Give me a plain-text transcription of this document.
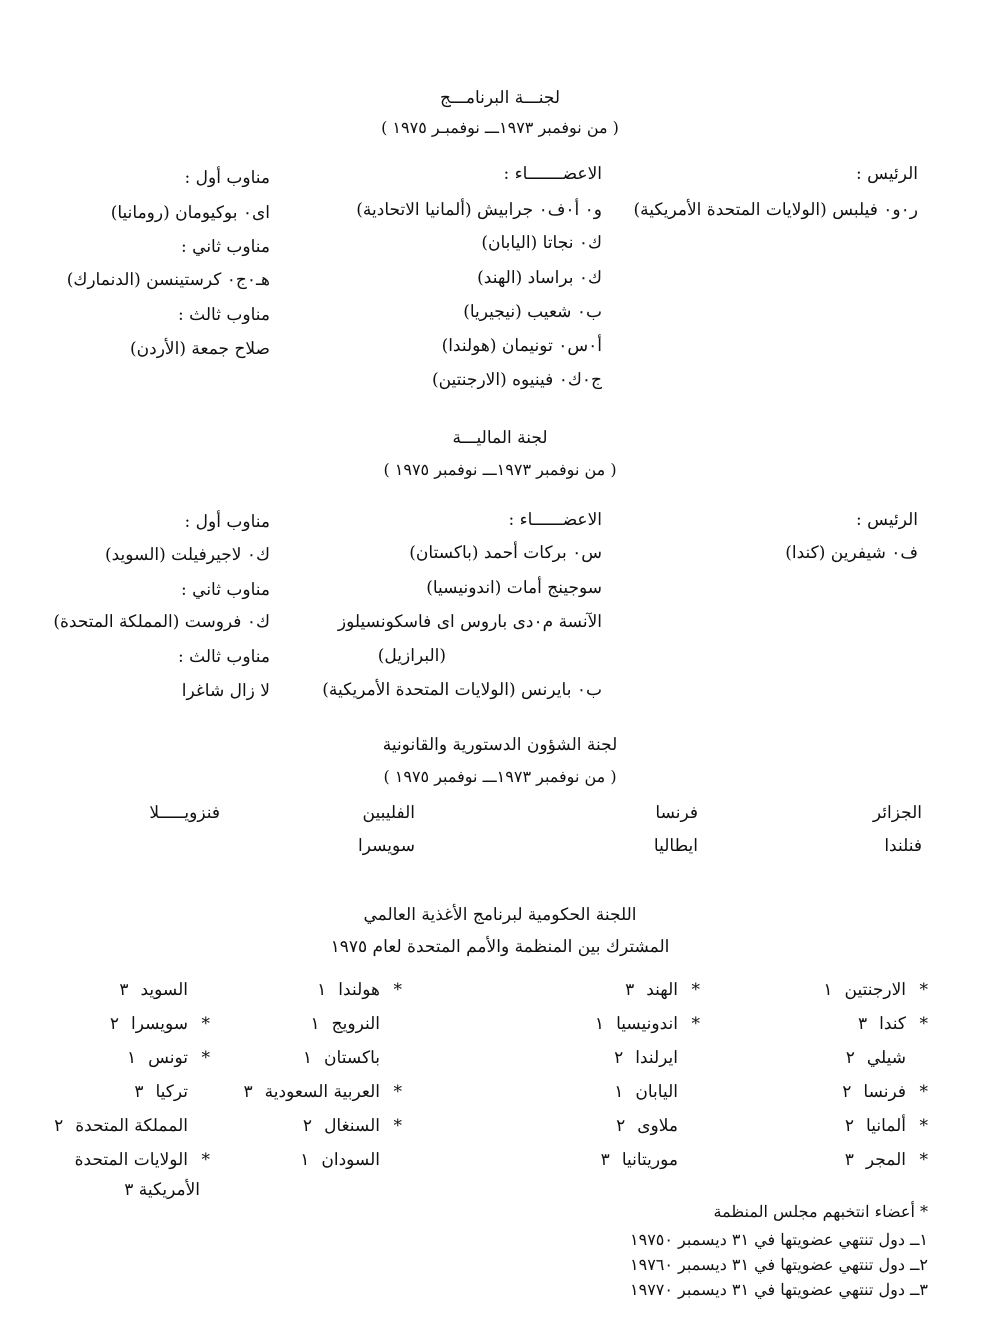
لجنـــة البرنامـــج
( من نوفمبر ١٩٧٣ـــ نوفمبـر ١٩٧٥ )
الرئيس :
ر٠و٠ فيلبس (الولايات المتحدة الأمريكية)
الاعضـــــــاء :
و٠ أ٠ف٠ جرابيش (ألمانيا الاتحادية)
ك٠ نجاتا (اليابان)
ك٠ براساد (الهند)
ب٠ شعيب (نيجيريا)
أ٠س٠ تونيمان (هولندا)
ج٠ك٠ فينيوه (الارجنتين)
مناوب أول :
ای٠ بوكيومان (رومانيا)
مناوب ثاني :
هـ٠ج٠ كرستينسن (الدنمارك)
مناوب ثالث :
صلاح جمعة (الأردن)
لجنة الماليـــة
( من نوفمبر ١٩٧٣ـــ نوفمبر ١٩٧٥ )
الرئيس :
ف٠ شيفرين (كندا)
الاعضــــــاء :
س٠ بركات أحمد (باكستان)
سوجينج أمات (اندونيسيا)
الآنسة م٠دى باروس ای فاسكونسيلوز
(البرازيل)
ب٠ بايرنس (الولايات المتحدة الأمريكية)
مناوب أول :
ك٠ لاجيرفيلت (السويد)
مناوب ثاني :
ك٠ فروست (المملكة المتحدة)
مناوب ثالث :
لا زال شاغرا
لجنة الشؤون الدستورية والقانونية
( من نوفمبر ١٩٧٣ـــ نوفمبر ١٩٧٥ )
الجزائر
فرنسا
الفليبين
فنزويـــــلا
فنلندا
ايطاليا
سويسرا
اللجنة الحكومية لبرنامج الأغذية العالمي
المشترك بين المنظمة والأمم المتحدة لعام ١٩٧٥
*الارجنتين١
*كندا٣
شيلي٢
*فرنسا٢
*ألمانيا٢
*المجر٣
*الهند٣
*اندونيسيا١
ايرلندا٢
اليابان١
ملاوى٢
موريتانيا٣
*هولندا١
النرويج١
باكستان١
*العربية السعودية٣
*السنغال٢
السودان١
السويد٣
*سويسرا٢
*تونس١
تركيا٣
المملكة المتحدة٢
*الولايات المتحدة
الأمريكية ٣
* أعضاء انتخبهم مجلس المنظمة
١ــ دول تنتهي عضويتها في ٣١ ديسمبر ١٩٧٥٠
٢ــ دول تنتهي عضويتها في ٣١ ديسمبر ١٩٧٦٠
٣ــ دول تنتهي عضويتها في ٣١ ديسمبر ١٩٧٧٠
